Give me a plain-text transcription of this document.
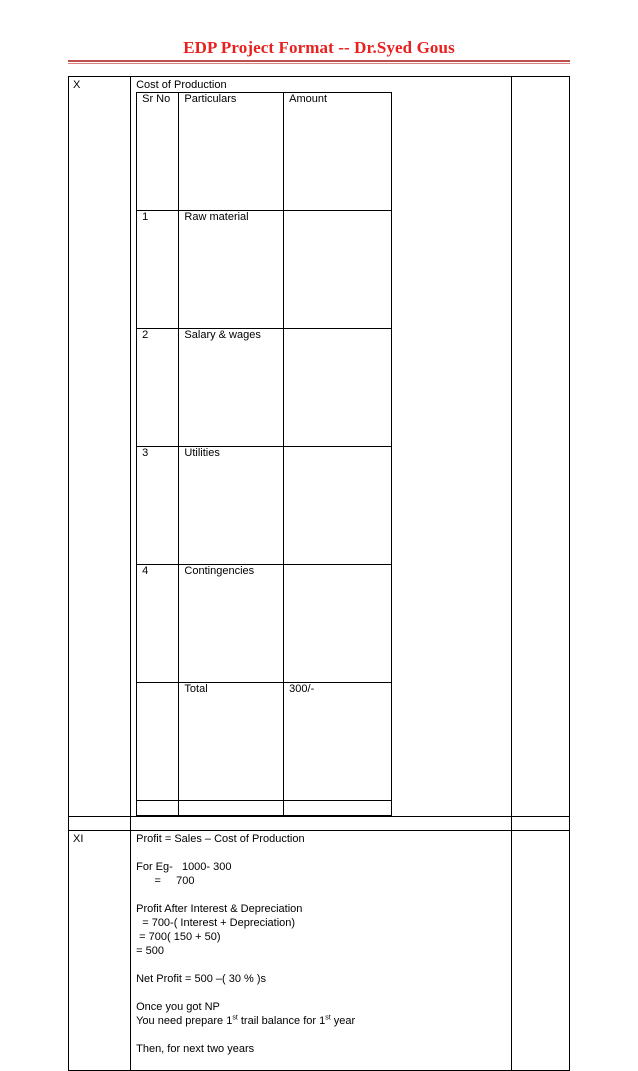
EDP Project Format -- Dr.Syed Gous
X	Cost of Production
Sr No	Particulars	Amount
1	Raw material	
2	Salary & wages	
3	Utilities	
4	Contingencies	
	Total	300/-

XI	Profit = Sales – Cost of Production
For Eg-   1000- 300
=     700
Profit After Interest & Depreciation
= 700-( Interest + Depreciation)
= 700( 150 + 50)
= 500
Net Profit = 500 –( 30 % )s
Once you got NP
You need prepare 1st trail balance for 1st year
Then, for next two years
